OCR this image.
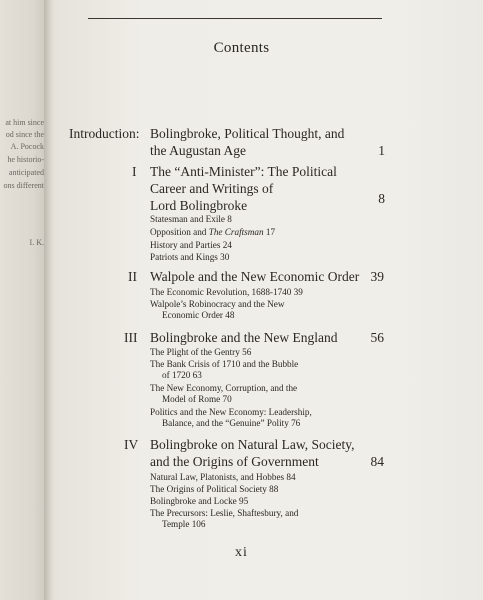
at him since
od since the
A. Pocock
he historio-
anticipated
ons different
I. K.
Contents
Introduction: Bolingbroke, Political Thought, and
the Augustan Age	1
I The “Anti-Minister”: The Political
Career and Writings of
Lord Bolingbroke	8
Statesman and Exile 8
Opposition and The Craftsman 17
History and Parties 24
Patriots and Kings 30
II Walpole and the New Economic Order 39
The Economic Revolution, 1688-1740 39
Walpole’s Robinocracy and the New
Economic Order 48
III Bolingbroke and the New England	56
The Plight of the Gentry 56
The Bank Crisis of 1710 and the Bubble
of 1720 63
The New Economy, Corruption, and the
Model of Rome 70
Politics and the New Economy: Leadership,
Balance, and the “Genuine” Polity 76
IV Bolingbroke on Natural Law, Society,
and the Origins of Government	84
Natural Law, Platonists, and Hobbes 84
The Origins of Political Society 88
Bolingbroke and Locke 95
The Precursors: Leslie, Shaftesbury, and
Temple 106
xi
